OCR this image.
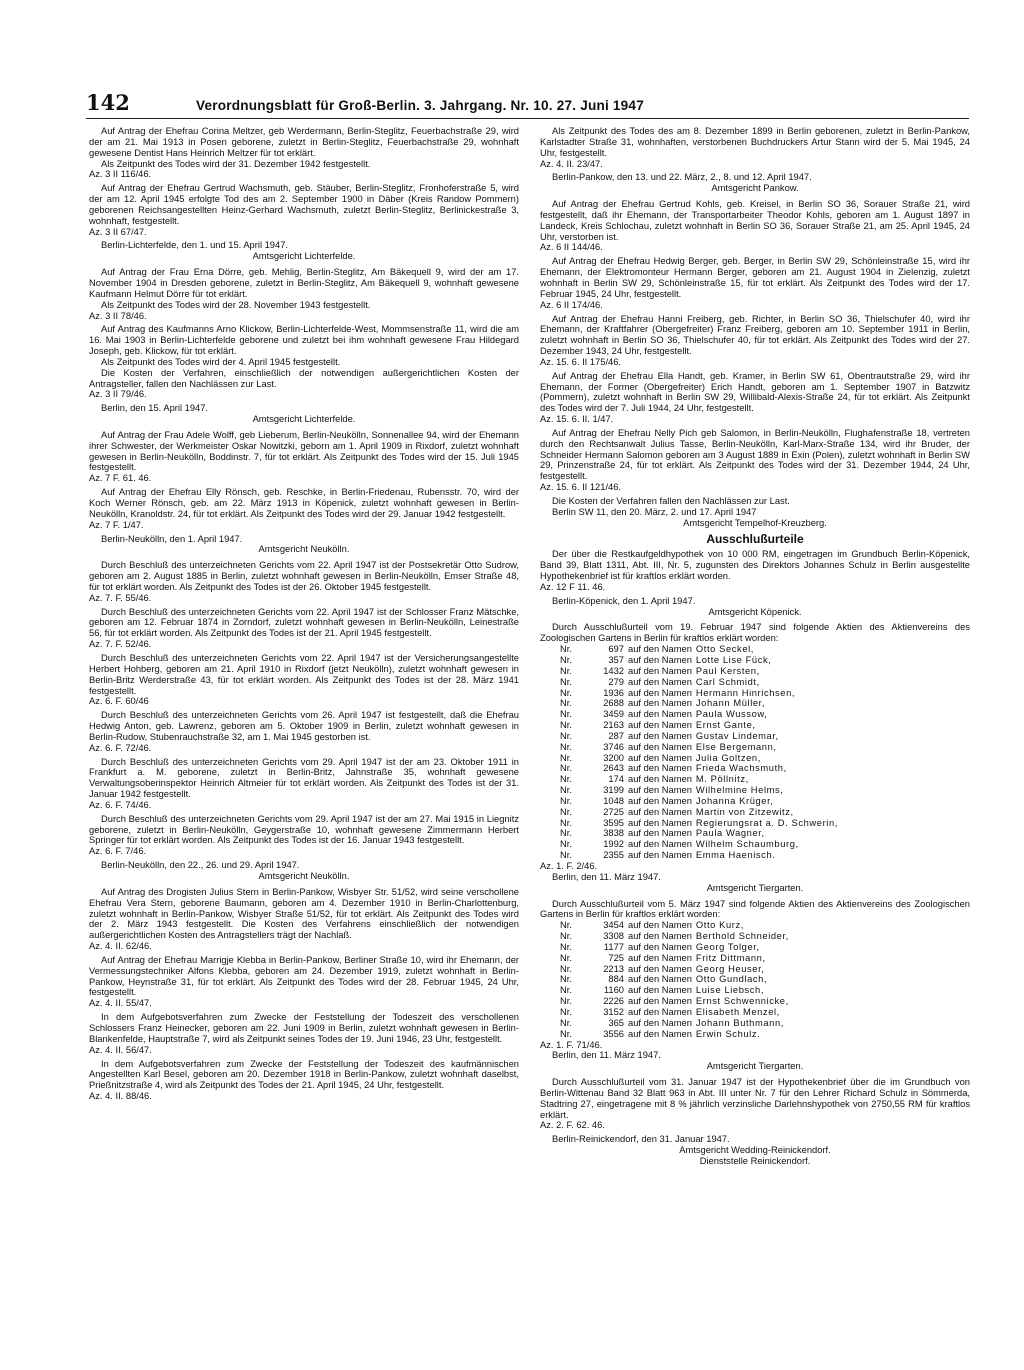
142	Verordnungsblatt für Groß-Berlin. 3. Jahrgang. Nr. 10. 27. Juni 1947

Auf Antrag der Ehefrau Corina Meltzer, geb Werdermann, Berlin-Steglitz, Feuerbachstraße 29, wird der am 21. Mai 1913 in Posen geborene, zuletzt in Berlin-Steglitz, Feuerbachstraße 29, wohnhaft gewesene Dentist Hans Heinrich Meltzer für tot erklärt.

Als Zeitpunkt des Todes wird der 31. Dezember 1942 festgestellt.

Az. 3 II 116/46.

Auf Antrag der Ehefrau Gertrud Wachsmuth, geb. Stäuber, Berlin-Steglitz, Fronhoferstraße 5, wird der am 12. April 1945 erfolgte Tod des am 2. September 1900 in Däber (Kreis Randow Pommern) geborenen Reichsangestellten Heinz-Gerhard Wachsmuth, zuletzt Berlin-Steglitz, Berlinickestraße 3, wohnhaft, festgestellt.

Az. 3 II 67/47.

Berlin-Lichterfelde, den 1. und 15. April 1947.

Amtsgericht Lichterfelde.

Auf Antrag der Frau Erna Dörre, geb. Mehlig, Berlin-Steglitz, Am Bäkequell 9, wird der am 17. November 1904 in Dresden geborene, zuletzt in Berlin-Steglitz, Am Bäkequell 9, wohnhaft gewesene Kaufmann Helmut Dörre für tot erklärt.

Als Zeitpunkt des Todes wird der 28. November 1943 festgestellt.

Az. 3 II 78/46.

Auf Antrag des Kaufmanns Arno Klickow, Berlin-Lichterfelde-West, Mommsenstraße 11, wird die am 16. Mai 1903 in Berlin-Lichterfelde geborene und zuletzt bei ihm wohnhaft gewesene Frau Hildegard Joseph, geb. Klickow, für tot erklärt.

Als Zeitpunkt des Todes wird der 4. April 1945 festgestellt.

Die Kosten der Verfahren, einschließlich der notwendigen außergerichtlichen Kosten der Antragsteller, fallen den Nachlässen zur Last.

Az. 3 II 79/46.

Berlin, den 15. April 1947.

Amtsgericht Lichterfelde.

Auf Antrag der Frau Adele Wolff, geb Lieberum, Berlin-Neukölln, Sonnenallee 94, wird der Ehemann ihrer Schwester, der Werkmeister Oskar Nowitzki, geborn am 1. April 1909 in Rixdorf, zuletzt wohnhaft gewesen in Berlin-Neukölln, Boddinstr. 7, für tot erklärt. Als Zeitpunkt des Todes wird der 15. Juli 1945 festgestellt.

Az. 7 F. 61. 46.

Auf Antrag der Ehefrau Elly Rönsch, geb. Reschke, in Berlin-Friedenau, Rubensstr. 70, wird der Koch Werner Rönsch, geb. am 22. März 1913 in Köpenick, zuletzt wohnhaft gewesen in Berlin-Neukölln, Kranoldstr. 24, für tot erklärt. Als Zeitpunkt des Todes wird der 29. Januar 1942 festgestellt.

Az. 7 F. 1/47.

Berlin-Neukölln, den 1. April 1947.

Amtsgericht Neukölln.

Durch Beschluß des unterzeichneten Gerichts vom 22. April 1947 ist der Postsekretär Otto Sudrow, geboren am 2. August 1885 in Berlin, zuletzt wohnhaft gewesen in Berlin-Neukölln, Emser Straße 48, für tot erklärt worden. Als Zeitpunkt des Todes ist der 26. Oktober 1945 festgestellt.

Az. 7. F. 55/46.

Durch Beschluß des unterzeichneten Gerichts vom 22. April 1947 ist der Schlosser Franz Mätschke, geboren am 12. Februar 1874 in Zorndorf, zuletzt wohnhaft gewesen in Berlin-Neukölln, Leinestraße 56, für tot erklärt worden. Als Zeitpunkt des Todes ist der 21. April 1945 festgestellt.

Az. 7. F. 52/46.

Durch Beschluß des unterzeichneten Gerichts vom 22. April 1947 ist der Versicherungsangestellte Herbert Hohberg, geboren am 21. April 1910 in Rixdorf (jetzt Neukölln), zuletzt wohnhaft gewesen in Berlin-Britz Werderstraße 43, für tot erklärt worden. Als Zeitpunkt des Todes ist der 28. März 1941 festgestellt.

Az. 6. F. 60/46

Durch Beschluß des unterzeichneten Gerichts vom 26. April 1947 ist festgestellt, daß die Ehefrau Hedwig Anton, geb. Lawrenz, geboren am 5. Oktober 1909 in Berlin, zuletzt wohnhaft gewesen in Berlin-Rudow, Stubenrauchstraße 32, am 1. Mai 1945 gestorben ist.

Az. 6. F. 72/46.

Durch Beschluß des unterzeichneten Gerichts vom 29. April 1947 ist der am 23. Oktober 1911 in Frankfurt a. M. geborene, zuletzt in Berlin-Britz, Jahnstraße 35, wohnhaft gewesene Verwaltungsoberinspektor Heinrich Altmeier für tot erklärt worden. Als Zeitpunkt des Todes ist der 31. Januar 1942 festgestellt.

Az. 6. F. 74/46.

Durch Beschluß des unterzeichneten Gerichts vom 29. April 1947 ist der am 27. Mai 1915 in Liegnitz geborene, zuletzt in Berlin-Neukölln, Geygerstraße 10, wohnhaft gewesene Zimmermann Herbert Springer für tot erklärt worden. Als Zeitpunkt des Todes ist der 16. Januar 1943 festgestellt.

Az. 6. F. 7/46.

Berlin-Neukölln, den 22., 26. und 29. April 1947.

Amtsgericht Neukölln.

Auf Antrag des Drogisten Julius Stern in Berlin-Pankow, Wisbyer Str. 51/52, wird seine verschollene Ehefrau Vera Stern, geborene Baumann, geboren am 4. Dezember 1910 in Berlin-Charlottenburg, zuletzt wohnhaft in Berlin-Pankow, Wisbyer Straße 51/52, für tot erklärt. Als Zeitpunkt des Todes wird der 2. März 1943 festgestellt. Die Kosten des Verfahrens einschließlich der notwendigen außergerichtlichen Kosten des Antragstellers trägt der Nachlaß.

Az. 4. II. 62/46.

Auf Antrag der Ehefrau Marrigje Klebba in Berlin-Pankow, Berliner Straße 10, wird ihr Ehemann, der Vermessungstechniker Alfons Klebba, geboren am 24. Dezember 1919, zuletzt wohnhaft in Berlin-Pankow, Heynstraße 31, für tot erklärt. Als Zeitpunkt des Todes wird der 28. Februar 1945, 24 Uhr, festgestellt.

Az. 4. II. 55/47.

In dem Aufgebotsverfahren zum Zwecke der Feststellung der Todeszeit des verschollenen Schlossers Franz Heinecker, geboren am 22. Juni 1909 in Berlin, zuletzt wohnhaft gewesen in Berlin-Blankenfelde, Hauptstraße 7, wird als Zeitpunkt seines Todes der 19. Juni 1946, 23 Uhr, festgestellt.

Az. 4. II. 56/47.

In dem Aufgebotsverfahren zum Zwecke der Feststellung der Todeszeit des kaufmännischen Angestellten Karl Besel, geboren am 20. Dezember 1918 in Berlin-Pankow, zuletzt wohnhaft daselbst, Prießnitzstraße 4, wird als Zeitpunkt des Todes der 21. April 1945, 24 Uhr, festgestellt.

Az. 4. II. 88/46.

Als Zeitpunkt des Todes des am 8. Dezember 1899 in Berlin geborenen, zuletzt in Berlin-Pankow, Karlstadter Straße 31, wohnhaften, verstorbenen Buchdruckers Artur Stann wird der 5. Mai 1945, 24 Uhr, festgestellt.

Az. 4. II. 23/47.

Berlin-Pankow, den 13. und 22. März, 2., 8. und 12. April 1947.

Amtsgericht Pankow.

Auf Antrag der Ehefrau Gertrud Kohls, geb. Kreisel, in Berlin SO 36, Sorauer Straße 21, wird festgestellt, daß ihr Ehemann, der Transportarbeiter Theodor Kohls, geboren am 1. August 1897 in Landeck, Kreis Schlochau, zuletzt wohnhaft in Berlin SO 36, Sorauer Straße 21, am 25. April 1945, 24 Uhr, verstorben ist.

Az. 6 II 144/46.

Auf Antrag der Ehefrau Hedwig Berger, geb. Berger, in Berlin SW 29, Schönleinstraße 15, wird ihr Ehemann, der Elektromonteur Hermann Berger, geboren am 21. August 1904 in Zielenzig, zuletzt wohnhaft in Berlin SW 29, Schönleinstraße 15, für tot erklärt. Als Zeitpunkt des Todes wird der 17. Februar 1945, 24 Uhr, festgestellt.

Az. 6 II 174/46.

Auf Antrag der Ehefrau Hanni Freiberg, geb. Richter, in Berlin SO 36, Thielschufer 40, wird ihr Ehemann, der Kraftfahrer (Obergefreiter) Franz Freiberg, geboren am 10. September 1911 in Berlin, zuletzt wohnhaft in Berlin SO 36, Thielschufer 40, für tot erklärt. Als Zeitpunkt des Todes wird der 27. Dezember 1943, 24 Uhr, festgestellt.

Az. 15. 6. II 175/46.

Auf Antrag der Ehefrau Ella Handt, geb. Kramer, in Berlin SW 61, Obentrautstraße 29, wird ihr Ehemann, der Former (Obergefreiter) Erich Handt, geboren am 1. September 1907 in Batzwitz (Pommern), zuletzt wohnhaft in Berlin SW 29, Willibald-Alexis-Straße 24, für tot erklärt. Als Zeitpunkt des Todes wird der 7. Juli 1944, 24 Uhr, festgestellt.

Az. 15. 6. II. 1/47.

Auf Antrag der Ehefrau Nelly Pich geb Salomon, in Berlin-Neukölln, Flughafenstraße 18, vertreten durch den Rechtsanwalt Julius Tasse, Berlin-Neukölln, Karl-Marx-Straße 134, wird ihr Bruder, der Schneider Hermann Salomon geboren am 3 August 1889 in Exin (Polen), zuletzt wohnhaft in Berlin SW 29, Prinzenstraße 24, für tot erklärt. Als Zeitpunkt des Todes wird der 31. Dezember 1944, 24 Uhr, festgestellt.

Az. 15. 6. II 121/46.

Die Kosten der Verfahren fallen den Nachlässen zur Last.

Berlin SW 11, den 20. März, 2. und 17. April 1947

Amtsgericht Tempelhof-Kreuzberg.

Ausschlußurteile

Der über die Restkaufgeldhypothek von 10 000 RM, eingetragen im Grundbuch Berlin-Köpenick, Band 39, Blatt 1311, Abt. III, Nr. 5, zugunsten des Direktors Johannes Schulz in Berlin ausgestellte Hypothekenbrief ist für kraftlos erklärt worden.

Az. 12 F 11. 46.

Berlin-Köpenick, den 1. April 1947.

Amtsgericht Köpenick.

Durch Ausschlußurteil vom 19. Februar 1947 sind folgende Aktien des Aktienvereins des Zoologischen Gartens in Berlin für kraftlos erklärt worden:

Nr.	697 auf den Namen Otto Seckel,
Nr.	357 auf den Namen Lotte Lise Fück,
Nr.	1432 auf den Namen Paul Kersten,
Nr.	279 auf den Namen Carl Schmidt,
Nr.	1936 auf den Namen Hermann Hinrichsen,
Nr.	2688 auf den Namen Johann Müller,
Nr.	3459 auf den Namen Paula Wussow,
Nr.	2163 auf den Namen Ernst Gante,
Nr.	287 auf den Namen Gustav Lindemar,
Nr.	3746 auf den Namen Else Bergemann,
Nr.	3200 auf den Namen Julia Goltzen,
Nr.	2643 auf den Namen Frieda Wachsmuth,
Nr.	174 auf den Namen M. Pöllnitz,
Nr.	3199 auf den Namen Wilhelmine Helms,
Nr.	1048 auf den Namen Johanna Krüger,
Nr.	2725 auf den Namen Martin von Zitzewitz,
Nr.	3595 auf den Namen Regierungsrat a. D. Schwerin,
Nr.	3838 auf den Namen Paula Wagner,
Nr.	1992 auf den Namen Wilhelm Schaumburg,
Nr.	2355 auf den Namen Emma Haenisch.

Az. 1. F. 2/46.

Berlin, den 11. März 1947.

Amtsgericht Tiergarten.

Durch Ausschlußurteil vom 5. März 1947 sind folgende Aktien des Aktienvereins des Zoologischen Gartens in Berlin für kraftlos erklärt worden:

Nr.	3454 auf den Namen Otto Kurz,
Nr.	3308 auf den Namen Berthold Schneider,
Nr.	1177 auf den Namen Georg Tolger,
Nr.	725 auf den Namen Fritz Dittmann,
Nr.	2213 auf den Namen Georg Heuser,
Nr.	884 auf den Namen Otto Gundlach,
Nr.	1160 auf den Namen Luise Liebsch,
Nr.	2226 auf den Namen Ernst Schwennicke,
Nr.	3152 auf den Namen Elisabeth Menzel,
Nr.	365 auf den Namen Johann Buthmann,
Nr.	3556 auf den Namen Erwin Schulz.

Az. 1. F. 71/46.

Berlin, den 11. März 1947.

Amtsgericht Tiergarten.

Durch Ausschlußurteil vom 31. Januar 1947 ist der Hypothekenbrief über die im Grundbuch von Berlin-Wittenau Band 32 Blatt 963 in Abt. III unter Nr. 7 für den Lehrer Richard Schulz in Sömmerda, Stadtring 27, eingetragene mit 8 % jährlich verzinsliche Darlehnshypothek von 2750,55 RM für kraftlos erklärt.

Az. 2. F. 62. 46.

Berlin-Reinickendorf, den 31. Januar 1947.

Amtsgericht Wedding-Reinickendorf.

Dienststelle Reinickendorf.
